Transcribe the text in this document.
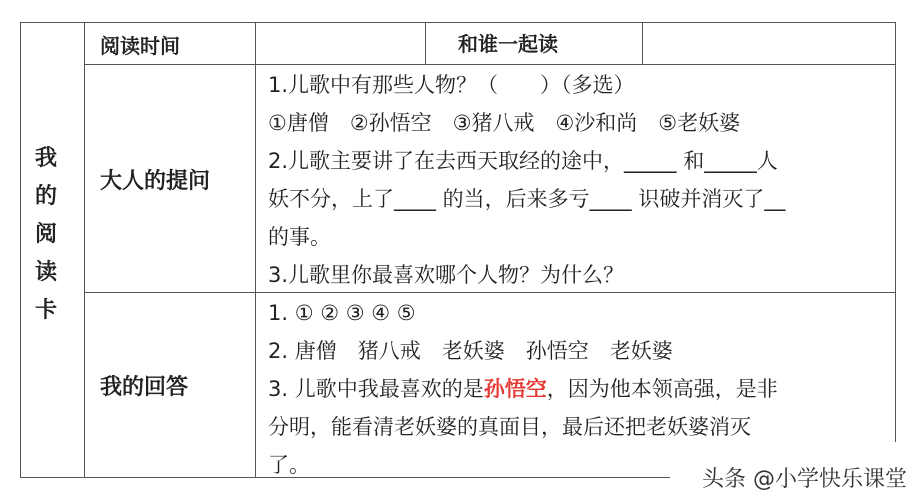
我
的
阅
读
卡
阅读时间	和谁一起读
大人的提问
1.儿歌中有那些人物？（　　）（多选）
①唐僧　②孙悟空　③猪八戒　④沙和尚　⑤老妖婆
2.儿歌主要讲了在去西天取经的途中，_____ 和_____人
妖不分，上了____ 的当，后来多亏____ 识破并消灭了__
的事。
3.儿歌里你最喜欢哪个人物？为什么？
我的回答
1. ① ② ③ ④ ⑤
2. 唐僧　猪八戒　老妖婆　孙悟空　老妖婆
3. 儿歌中我最喜欢的是孙悟空，因为他本领高强，是非
分明，能看清老妖婆的真面目，最后还把老妖婆消灭
了。
头条 @小学快乐课堂
